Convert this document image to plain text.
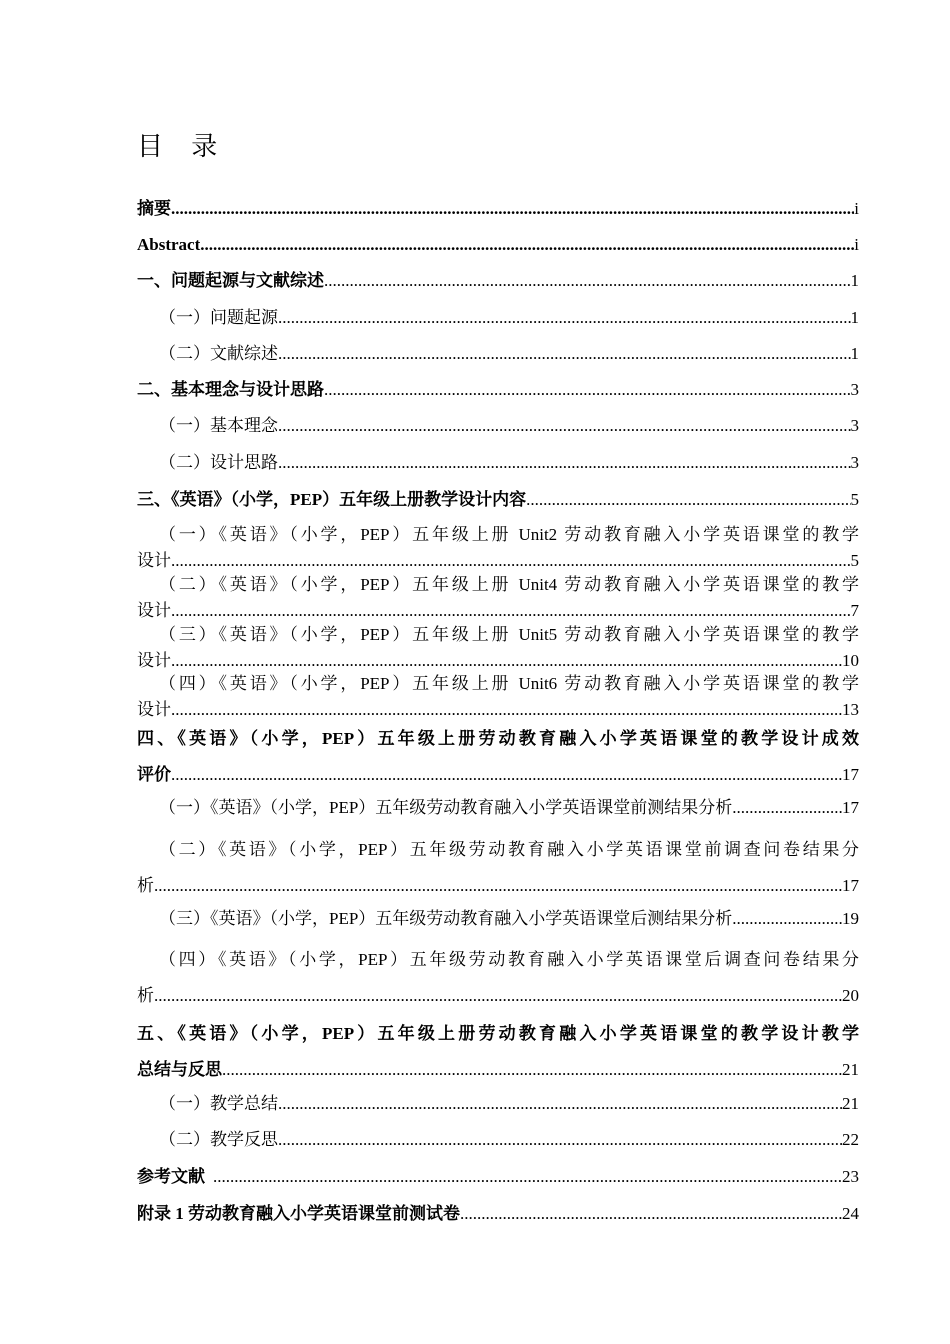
目 录
摘要 .....	i
Abstract .....	i
一、问题起源与文献综述 .....	1
（一）问题起源 .....	1
（二）文献综述 .....	1
二、基本理念与设计思路 .....	3
（一）基本理念 .....	3
（二）设计思路 .....	3
三、《英语》（小学，PEP）五年级上册教学设计内容 .....	5
（一）《英语》（小学，PEP）五年级上册 Unit2 劳动教育融入小学英语课堂的教学
设计 .....	5
（二）《英语》（小学，PEP）五年级上册 Unit4 劳动教育融入小学英语课堂的教学
设计 .....	7
（三）《英语》（小学，PEP）五年级上册 Unit5 劳动教育融入小学英语课堂的教学
设计 .....	10
（四）《英语》（小学，PEP）五年级上册 Unit6 劳动教育融入小学英语课堂的教学
设计 .....	13
四、《英语》（小学，PEP）五年级上册劳动教育融入小学英语课堂的教学设计成效
评价 .....	17
（一）《英语》（小学，PEP）五年级劳动教育融入小学英语课堂前测结果分析 .....	17
（二）《英语》（小学，PEP）五年级劳动教育融入小学英语课堂前调查问卷结果分
析 .....	17
（三）《英语》（小学，PEP）五年级劳动教育融入小学英语课堂后测结果分析 .....	19
（四）《英语》（小学，PEP）五年级劳动教育融入小学英语课堂后调查问卷结果分
析 .....	20
五、《英语》（小学，PEP）五年级上册劳动教育融入小学英语课堂的教学设计教学
总结与反思 .....	21
（一）教学总结 .....	21
（二）教学反思 .....	22
参考文献 .....	23
附录 1 劳动教育融入小学英语课堂前测试卷 .....	24
